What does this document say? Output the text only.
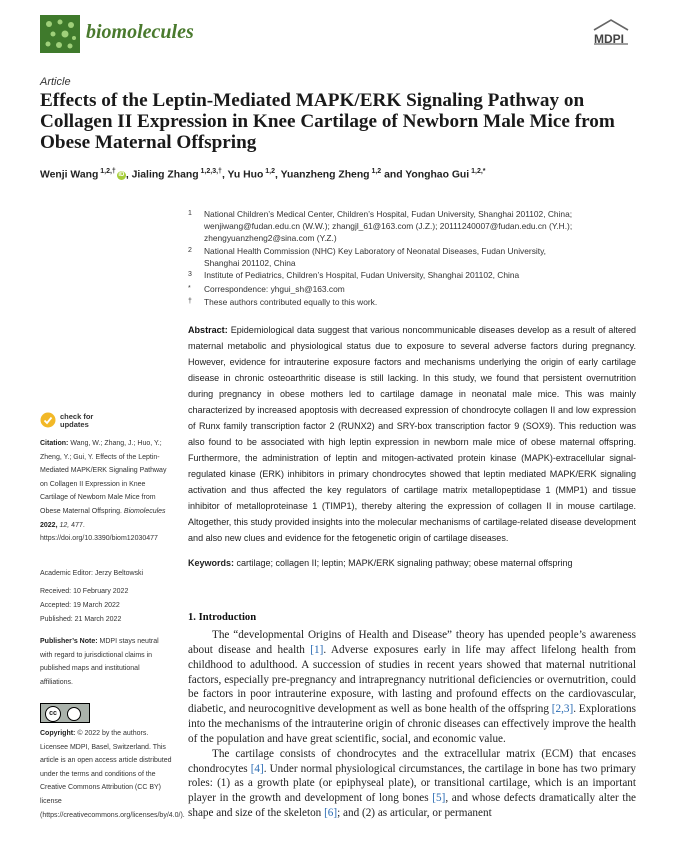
biomolecules	MDPI
Article
Effects of the Leptin-Mediated MAPK/ERK Signaling Pathway on Collagen II Expression in Knee Cartilage of Newborn Male Mice from Obese Maternal Offspring
Wenji Wang $^{1,2,\dagger}$iD , Jialing Zhang $^{1,2,3,\dagger}$, Yu Huo $^{1,2}$, Yuanzheng Zheng $^{1,2}$ and Yonghao Gui $^{1,2,*}$
1 National Children’s Medical Center, Children’s Hospital, Fudan University, Shanghai 201102, China;
wenjiwang@fudan.edu.cn (W.W.); zhangjl_61@163.com (J.Z.); 20111240007@fudan.edu.cn (Y.H.);
zhengyuanzheng2@sina.com (Y.Z.)
2 National Health Commission (NHC) Key Laboratory of Neonatal Diseases, Fudan University,
Shanghai 201102, China
3 Institute of Pediatrics, Children’s Hospital, Fudan University, Shanghai 201102, China
* Correspondence: yhgui_sh@163.com
† These authors contributed equally to this work.
Abstract: Epidemiological data suggest that various noncommunicable diseases develop as a result of altered maternal metabolic and physiological status due to exposure to several adverse factors during pregnancy. However, evidence for intrauterine exposure factors and mechanisms underlying the origin of early cartilage disease in chronic osteoarthritic disease is still lacking. In this study, we found that persistent overnutrition during pregnancy in obese mothers led to cartilage damage in neonatal male mice. This was mainly characterized by increased apoptosis with decreased expression of chondrocyte collagen II and low expression of Runx family transcription factor 2 (RUNX2) and SRY-box transcription factor 9 (SOX9). This reduction was also found to be associated with high leptin expression in newborn male mice of obese maternal offspring. Furthermore, the administration of leptin and mitogen-activated protein kinase (MAPK)-extracellular signal-regulated kinase (ERK) inhibitors in primary chondrocytes showed that leptin mediated MAPK/ERK signaling activation and thus affected the key regulators of cartilage matrix metallopeptidase 1 (MMP1) and tissue inhibitor of metalloproteinase 1 (TIMP1), thereby altering the expression of collagen II in mouse cartilage. Altogether, this study provided insights into the molecular mechanisms of cartilage-related disease development and also new clues and evidence for the fetogenetic origin of cartilage diseases.
Keywords: cartilage; collagen II; leptin; MAPK/ERK signaling pathway; obese maternal offspring
check for
updates
Citation: Wang, W.; Zhang, J.; Huo, Y.; Zheng, Y.; Gui, Y. Effects of the Leptin-Mediated MAPK/ERK Signaling Pathway on Collagen II Expression in Knee Cartilage of Newborn Male Mice from Obese Maternal Offspring. Biomolecules 2022, 12, 477. https://doi.org/10.3390/biom12030477
Academic Editor: Jerzy Beltowski
Received: 10 February 2022
Accepted: 19 March 2022
Published: 21 March 2022
Publisher’s Note: MDPI stays neutral with regard to jurisdictional claims in published maps and institutional affiliations.
cc
Copyright: © 2022 by the authors. Licensee MDPI, Basel, Switzerland. This article is an open access article distributed under the terms and conditions of the Creative Commons Attribution (CC BY) license (https://creativecommons.org/licenses/by/4.0/).
1. Introduction

The “developmental Origins of Health and Disease” theory has upended people’s awareness about disease and health [1]. Adverse exposures early in life may affect lifelong health from childhood to adulthood. A succession of studies in recent years showed that maternal nutritional factors, especially pre-pregnancy and intrapregnancy nutritional deficiencies or overnutrition, could be factors in poor intrauterine exposure, with lasting and profound effects on the cardiovascular, diabetic, and neurocognitive development as well as bone health of the offspring [2,3]. Explorations into the mechanisms of the intrauterine origin of chronic diseases can effectively improve the health of the population and have great scientific, social, and economic value.

The cartilage consists of chondrocytes and the extracellular matrix (ECM) that encases chondrocytes [4]. Under normal physiological circumstances, the cartilage in bone has two primary roles: (1) as a growth plate (or epiphyseal plate), or transitional cartilage, which is an important player in the growth and development of long bones [5], and whose defects dramatically alter the shape and size of the skeleton [6]; and (2) as articular, or permanent
